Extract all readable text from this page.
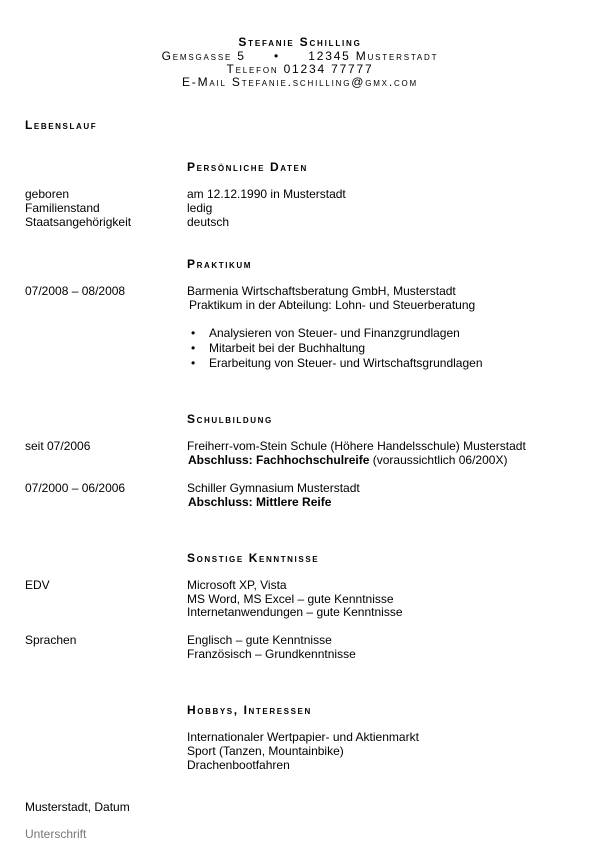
Stefanie Schilling
Gemsgasse 5 • 12345 Musterstadt
Telefon 01234 77777
E-Mail Stefanie.schilling@gmx.com
Lebenslauf
Persönliche Daten
geboren	am 12.12.1990 in Musterstadt
Familienstand	ledig
Staatsangehörigkeit	deutsch
Praktikum
07/2008 – 08/2008	Barmenia Wirtschaftsberatung GmbH, Musterstadt
Praktikum in der Abteilung: Lohn- und Steuerberatung
• Analysieren von Steuer- und Finanzgrundlagen
• Mitarbeit bei der Buchhaltung
• Erarbeitung von Steuer- und Wirtschaftsgrundlagen
Schulbildung
seit 07/2006	Freiherr-vom-Stein Schule (Höhere Handelsschule) Musterstadt
Abschluss: Fachhochschulreife (voraussichtlich 06/200X)
07/2000 – 06/2006	Schiller Gymnasium Musterstadt
Abschluss: Mittlere Reife
Sonstige Kenntnisse
EDV	Microsoft XP, Vista
MS Word, MS Excel – gute Kenntnisse
Internetanwendungen – gute Kenntnisse
Sprachen	Englisch – gute Kenntnisse
Französisch – Grundkenntnisse
Hobbys, Interessen
Internationaler Wertpapier- und Aktienmarkt
Sport (Tanzen, Mountainbike)
Drachenbootfahren
Musterstadt, Datum
Unterschrift
